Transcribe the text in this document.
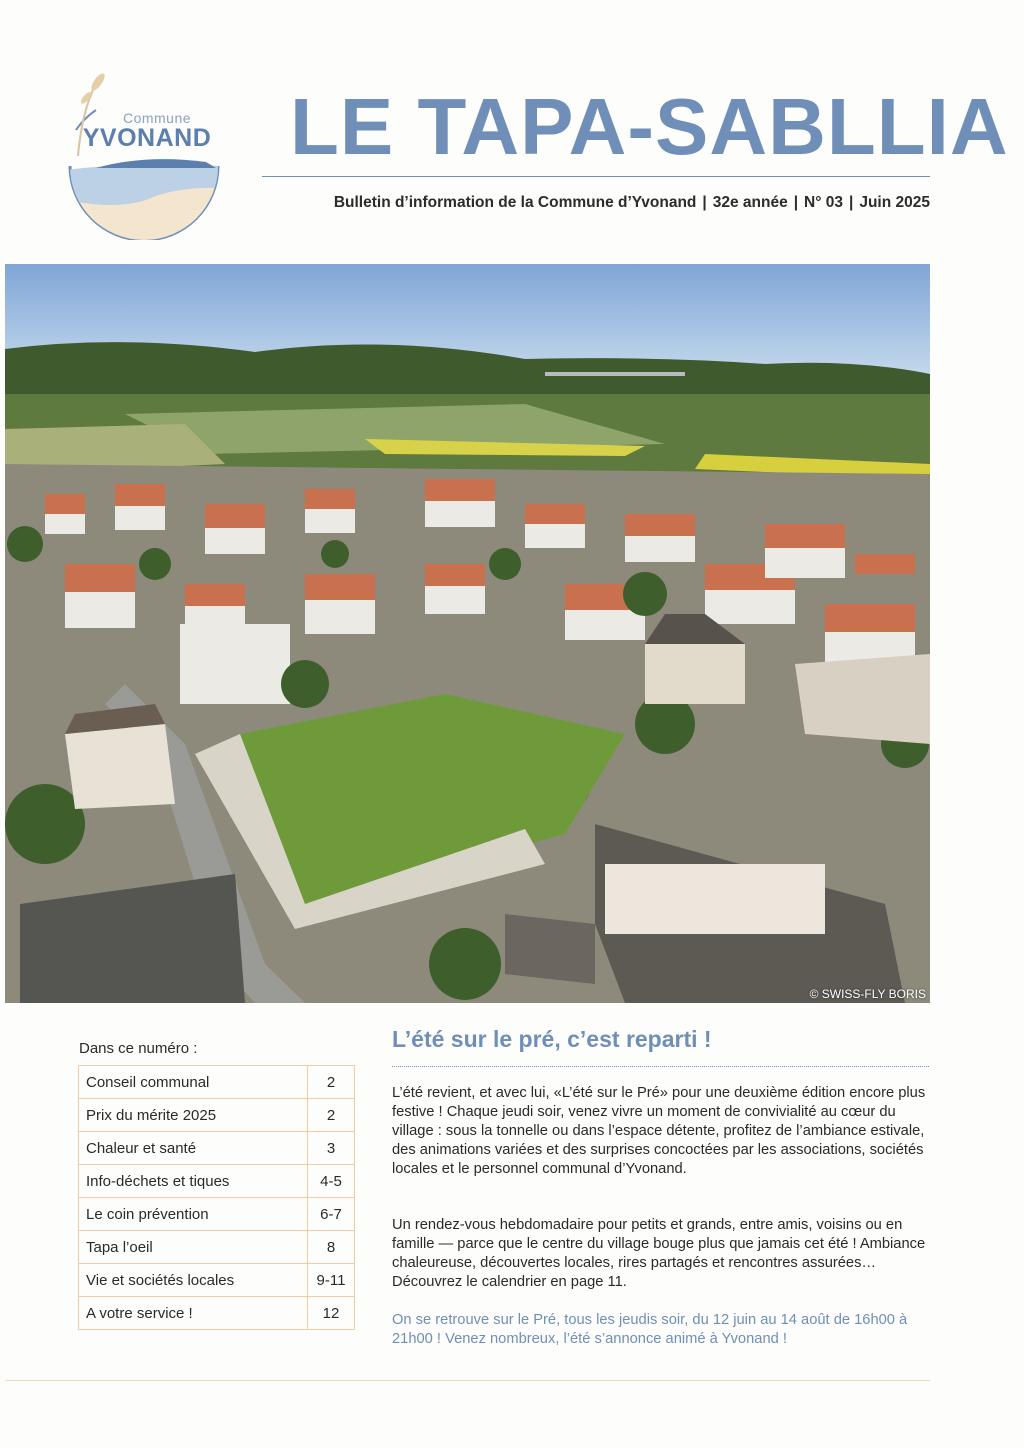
Commune
YVONAND LE TAPA-SABLLIA
Bulletin d’information de la Commune d’Yvonand | 32e année | N° 03 | Juin 2025
© SWISS-FLY BORIS
Dans ce numéro :
Conseil communal	2
Prix du mérite 2025	2
Chaleur et santé	3
Info-déchets et tiques	4-5
Le coin prévention	6-7
Tapa l’oeil	8
Vie et sociétés locales	9-11
A votre service !	12
L’été sur le pré, c’est reparti !

L’été revient, et avec lui, «L’été sur le Pré» pour une deuxième édition encore plus festive ! Chaque jeudi soir, venez vivre un moment de convivialité au cœur du village : sous la tonnelle ou dans l’espace détente, profitez de l’ambiance estivale, des animations variées et des surprises concoctées par les associations, sociétés locales et le personnel communal d’Yvonand.

Un rendez-vous hebdomadaire pour petits et grands, entre amis, voisins ou en famille — parce que le centre du village bouge plus que jamais cet été ! Ambiance chaleureuse, découvertes locales, rires partagés et rencontres assurées… Découvrez le calendrier en page 11.

On se retrouve sur le Pré, tous les jeudis soir, du 12 juin au 14 août de 16h00 à 21h00 ! Venez nombreux, l’été s’annonce animé à Yvonand !
